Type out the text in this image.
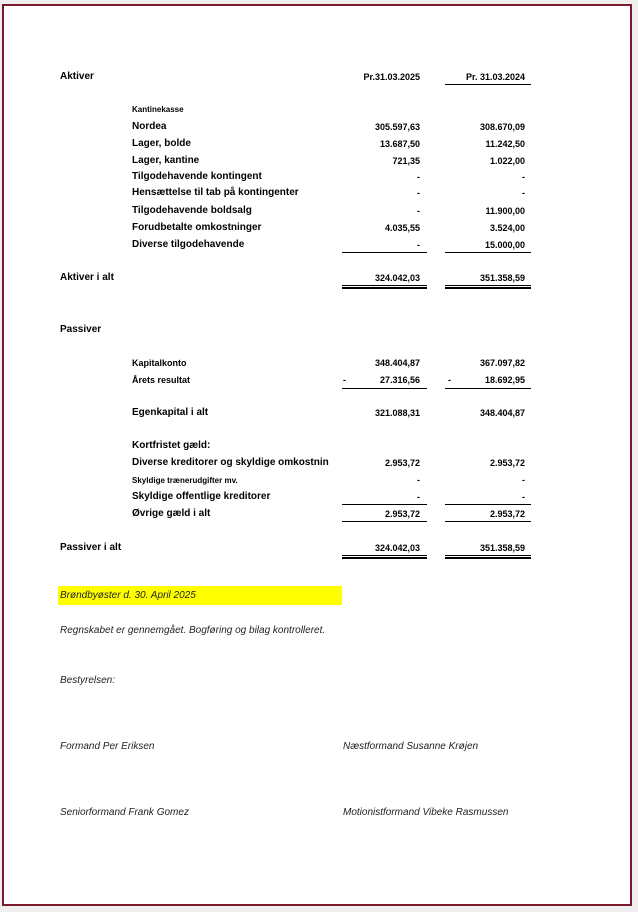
Aktiver	Pr.31.03.2025	Pr. 31.03.2024
Kantinekasse
Nordea	305.597,63	308.670,09
Lager, bolde	13.687,50	11.242,50
Lager, kantine	721,35	1.022,00
Tilgodehavende kontingent	-	-
Hensættelse til tab på kontingenter	-	-
Tilgodehavende boldsalg	-	11.900,00
Forudbetalte omkostninger	4.035,55	3.524,00
Diverse tilgodehavende	-	15.000,00
Aktiver i alt	324.042,03	351.358,59
Passiver
Kapitalkonto	348.404,87	367.097,82
Årets resultat	-	27.316,56	-	18.692,95
Egenkapital i alt	321.088,31	348.404,87
Kortfristet gæld:
Diverse kreditorer og skyldige omkostnin	2.953,72	2.953,72
Skyldige trænerudgifter mv.	-	-
Skyldige offentlige kreditorer	-	-
Øvrige gæld i alt	2.953,72	2.953,72
Passiver i alt	324.042,03	351.358,59
Brøndbyøster d. 30. April 2025
Regnskabet er gennemgået. Bogføring og bilag kontrolleret.
Bestyrelsen:
Formand Per Eriksen	Næstformand Susanne Krøjen
Seniorformand Frank Gomez	Motionistformand Vibeke Rasmussen
